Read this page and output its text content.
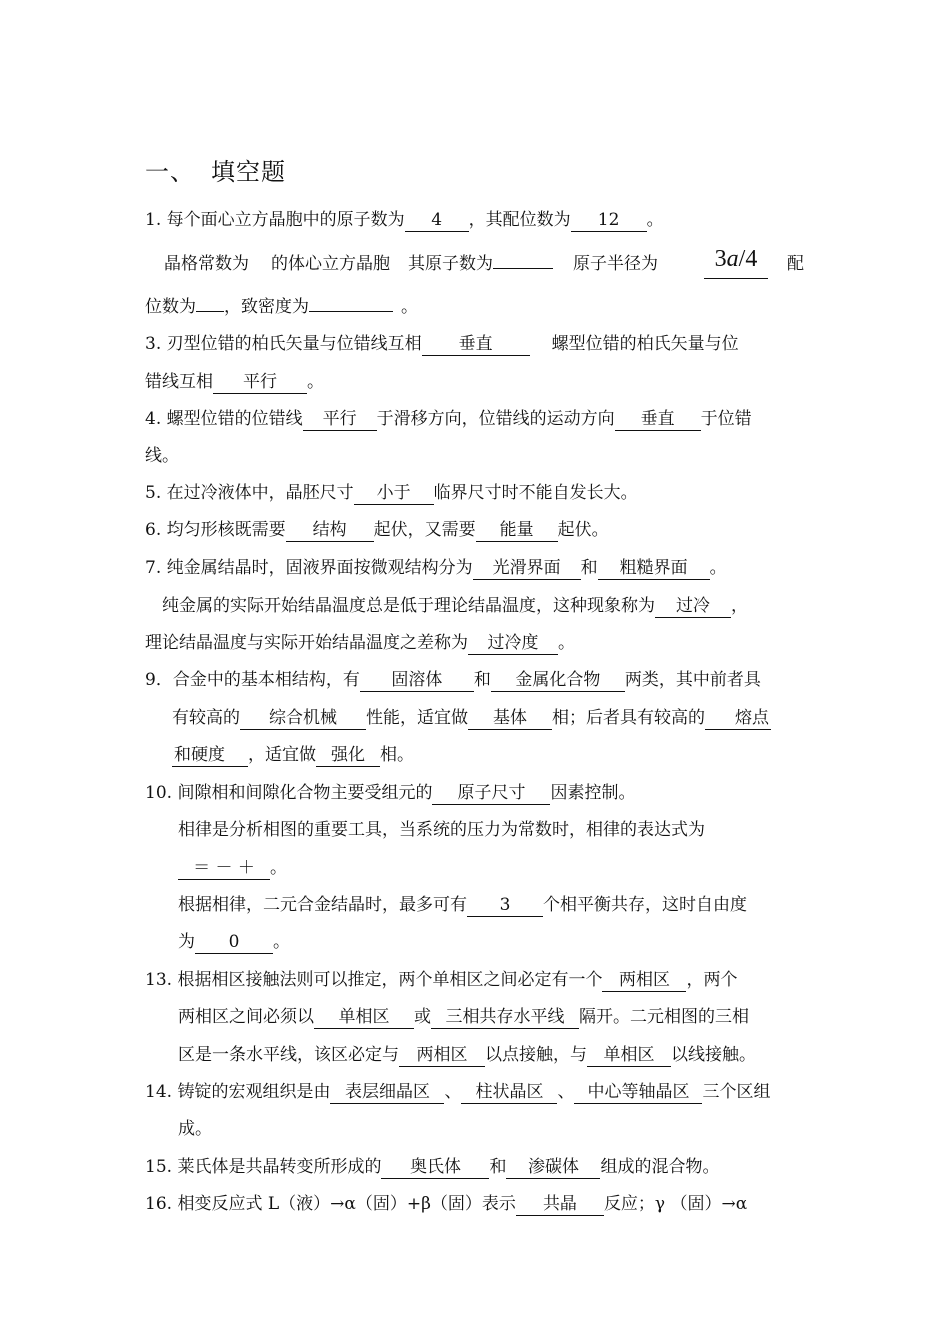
一、 填空题
1. 每个面心立方晶胞中的原子数为 4 ，其配位数为 12 。
晶格常数为 的体心立方晶胞 其原子数为	原子半径为	3a/4	配
位数为 ，致密度为	。
3. 刃型位错的柏氏矢量与位错线互相 垂直	螺型位错的柏氏矢量与位
错线互相 平行 。
4. 螺型位错的位错线 平行 于滑移方向，位错线的运动方向 垂直 于位错
线。
5. 在过冷液体中，晶胚尺寸 小于 临界尺寸时不能自发长大。
6. 均匀形核既需要 结构 起伏，又需要 能量 起伏。
7. 纯金属结晶时，固液界面按微观结构分为 光滑界面 和 粗糙界面 。
纯金属的实际开始结晶温度总是低于理论结晶温度，这种现象称为 过冷 ，
理论结晶温度与实际开始结晶温度之差称为 过冷度 。
9．合金中的基本相结构，有 固溶体 和 金属化合物 两类，其中前者具
有较高的 综合机械 性能，适宜做 基体 相；后者具有较高的 熔点
和硬度 ，适宜做 强化 相。
10. 间隙相和间隙化合物主要受组元的 原子尺寸 因素控制。
相律是分析相图的重要工具，当系统的压力为常数时，相律的表达式为
＝ － ＋ 。
根据相律，二元合金结晶时，最多可有 3 个相平衡共存，这时自由度
为 0 。
13. 根据相区接触法则可以推定，两个单相区之间必定有一个 两相区 ，两个
两相区之间必须以 单相区 或 三相共存水平线 隔开。二元相图的三相
区是一条水平线，该区必定与 两相区 以点接触，与 单相区 以线接触。
14. 铸锭的宏观组织是由 表层细晶区 、 柱状晶区 、 中心等轴晶区 三个区组
成。
15. 莱氏体是共晶转变所形成的 奥氏体 和 渗碳体 组成的混合物。
16. 相变反应式 L（液）→α（固）+β（固）表示 共晶 反应；γ （固）→α
